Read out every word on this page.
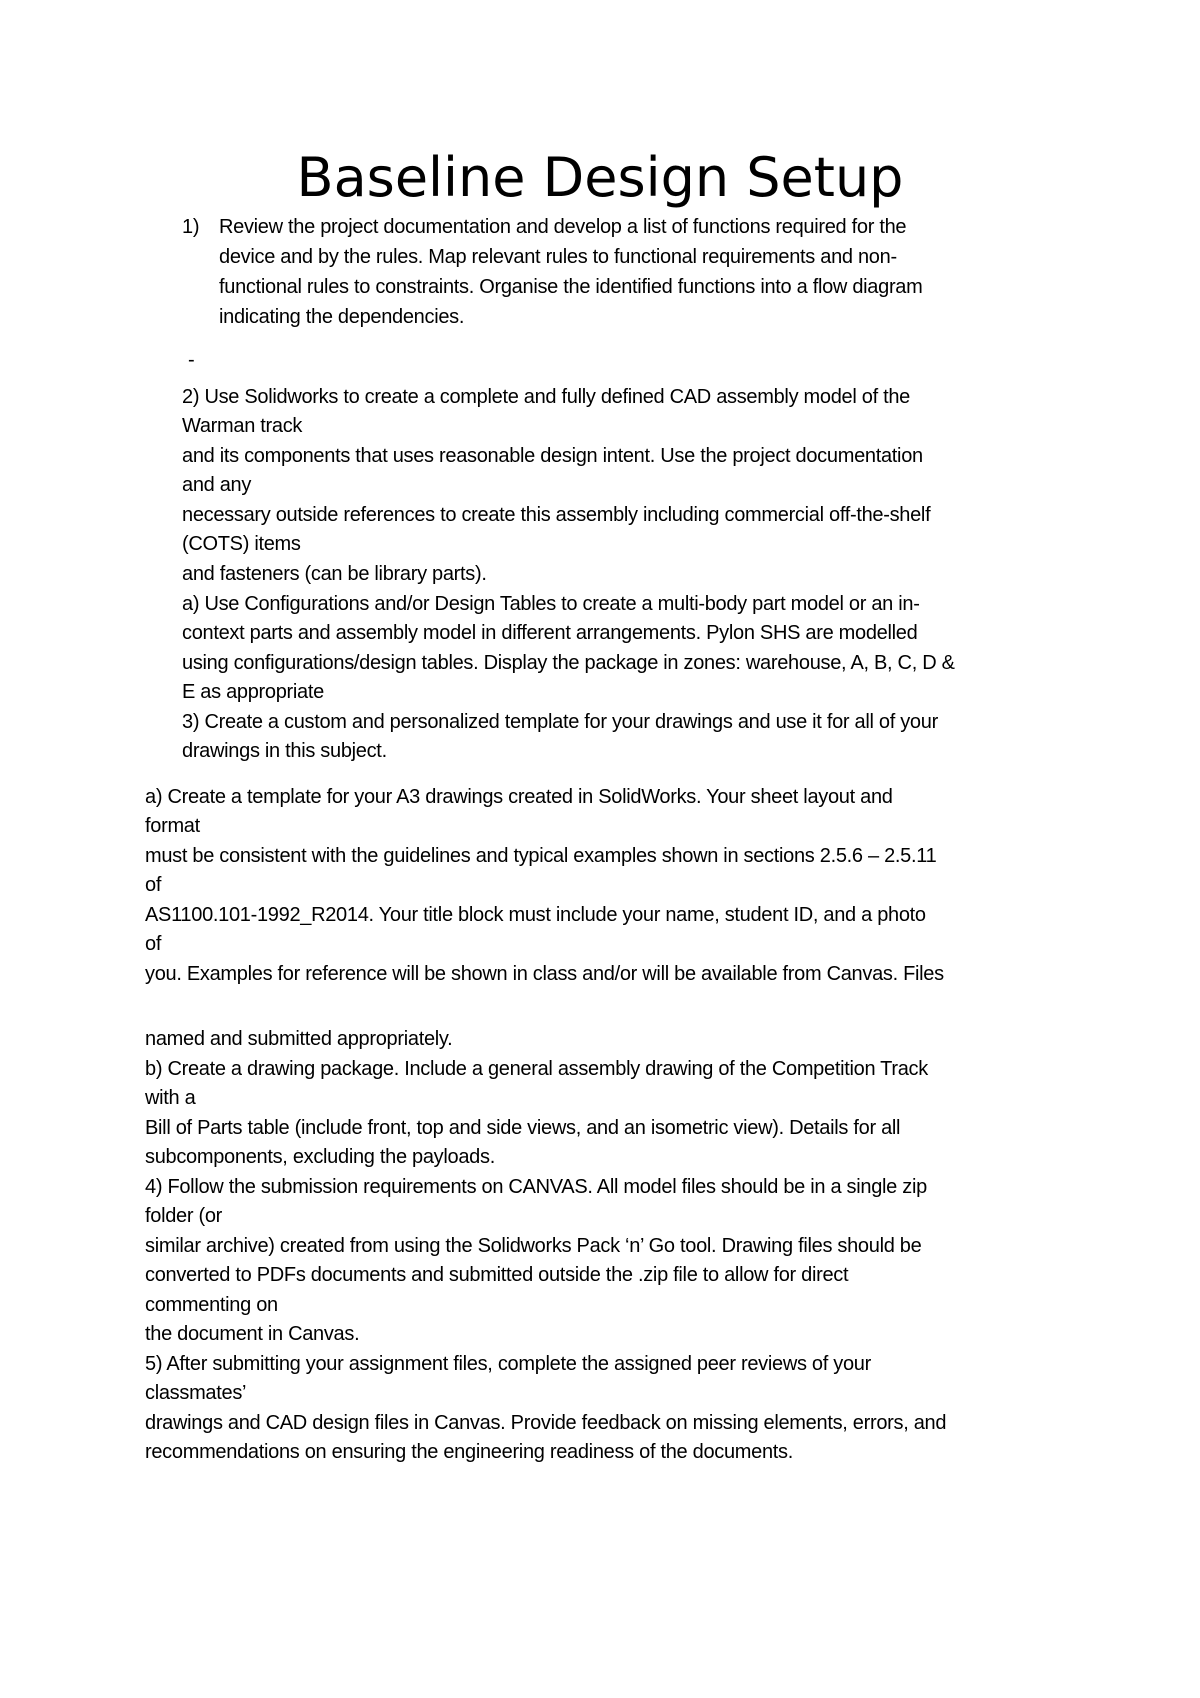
Baseline Design Setup
1) Review the project documentation and develop a list of functions required for the
device and by the rules. Map relevant rules to functional requirements and non-
functional rules to constraints. Organise the identified functions into a flow diagram
indicating the dependencies.
-
2) Use Solidworks to create a complete and fully defined CAD assembly model of the
Warman track
and its components that uses reasonable design intent. Use the project documentation
and any
necessary outside references to create this assembly including commercial off-the-shelf
(COTS) items
and fasteners (can be library parts).
a) Use Configurations and/or Design Tables to create a multi-body part model or an in-
context parts and assembly model in different arrangements. Pylon SHS are modelled
using configurations/design tables. Display the package in zones: warehouse, A, B, C, D &
E as appropriate
3) Create a custom and personalized template for your drawings and use it for all of your
drawings in this subject.
a) Create a template for your A3 drawings created in SolidWorks. Your sheet layout and
format
must be consistent with the guidelines and typical examples shown in sections 2.5.6 – 2.5.11
of
AS1100.101-1992_R2014. Your title block must include your name, student ID, and a photo
of
you. Examples for reference will be shown in class and/or will be available from Canvas. Files
named and submitted appropriately.
b) Create a drawing package. Include a general assembly drawing of the Competition Track
with a
Bill of Parts table (include front, top and side views, and an isometric view). Details for all
subcomponents, excluding the payloads.
4) Follow the submission requirements on CANVAS. All model files should be in a single zip
folder (or
similar archive) created from using the Solidworks Pack ‘n’ Go tool. Drawing files should be
converted to PDFs documents and submitted outside the .zip file to allow for direct
commenting on
the document in Canvas.
5) After submitting your assignment files, complete the assigned peer reviews of your
classmates’
drawings and CAD design files in Canvas. Provide feedback on missing elements, errors, and
recommendations on ensuring the engineering readiness of the documents.
